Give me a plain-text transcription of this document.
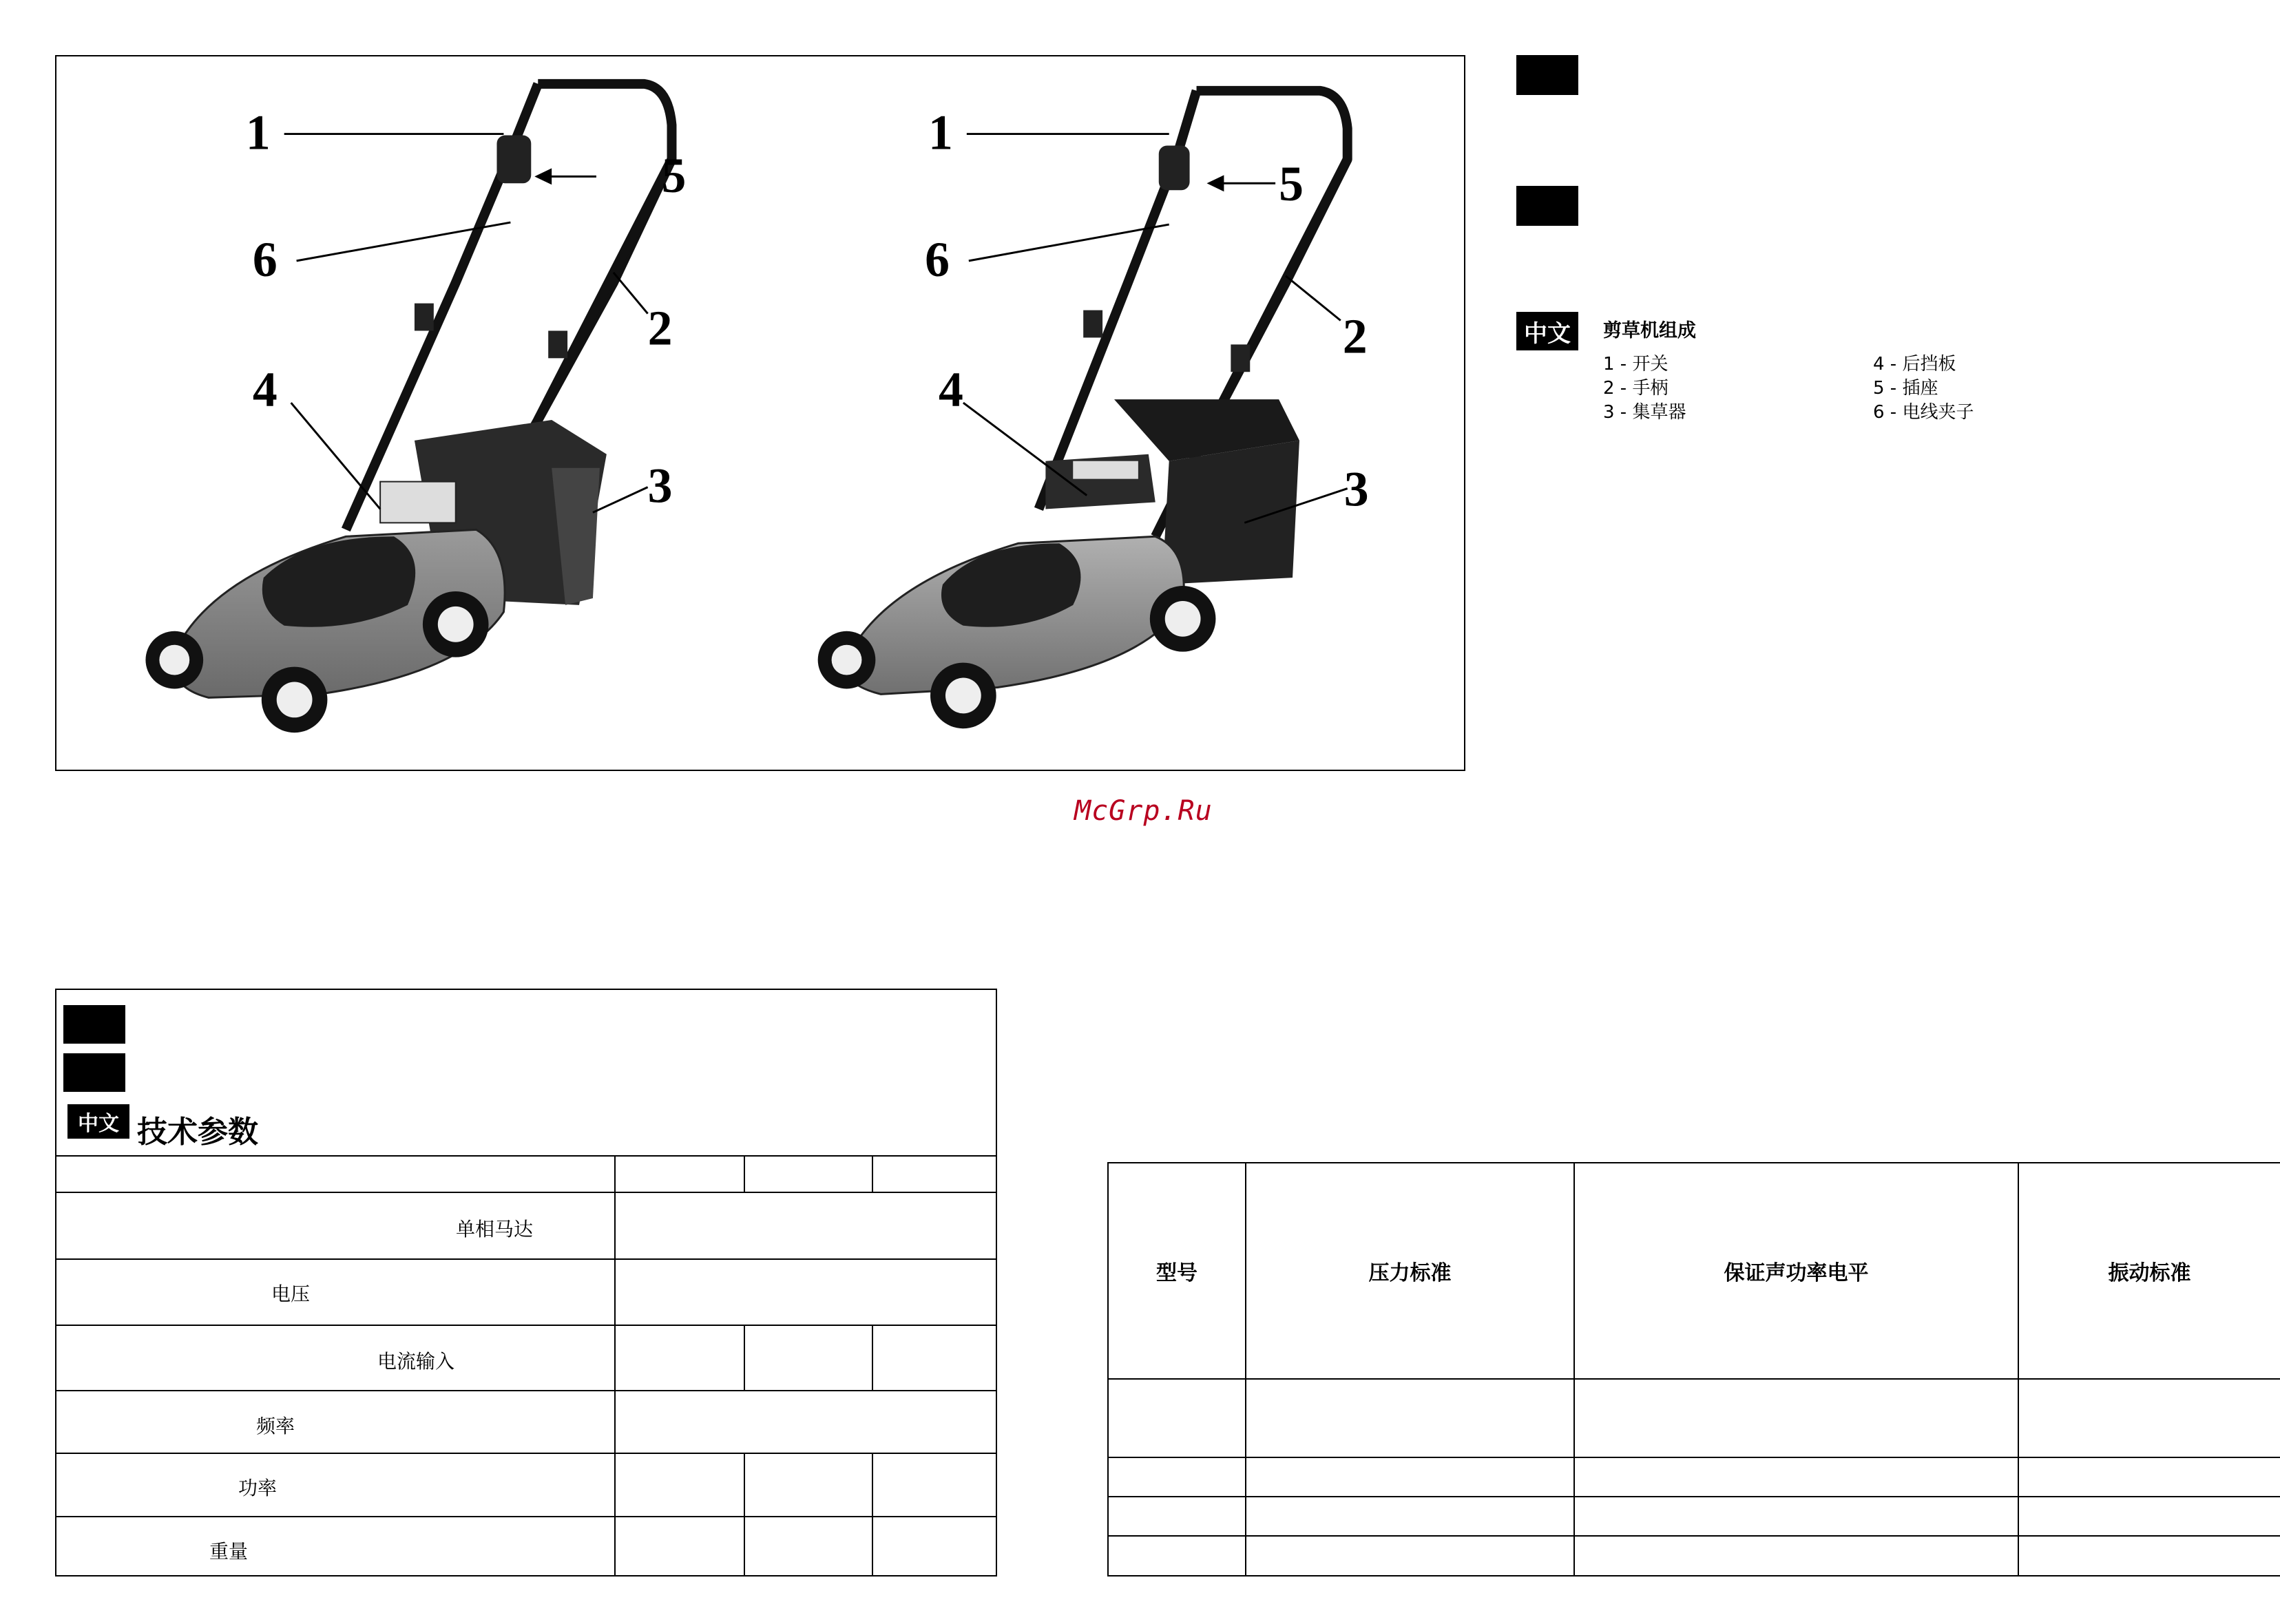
1
5
6
2
4
3
1
5
6
2
4
3
中文	剪草机组成
1 - 开关
2 - 手柄
3 - 集草器
4 - 后挡板
5 - 插座
6 - 电线夹子
McGrp.Ru
中文 技术参数
单相马达
电压
电流输入
频率
功率
重量
型号	压力标准	保证声功率电平	振动标准
